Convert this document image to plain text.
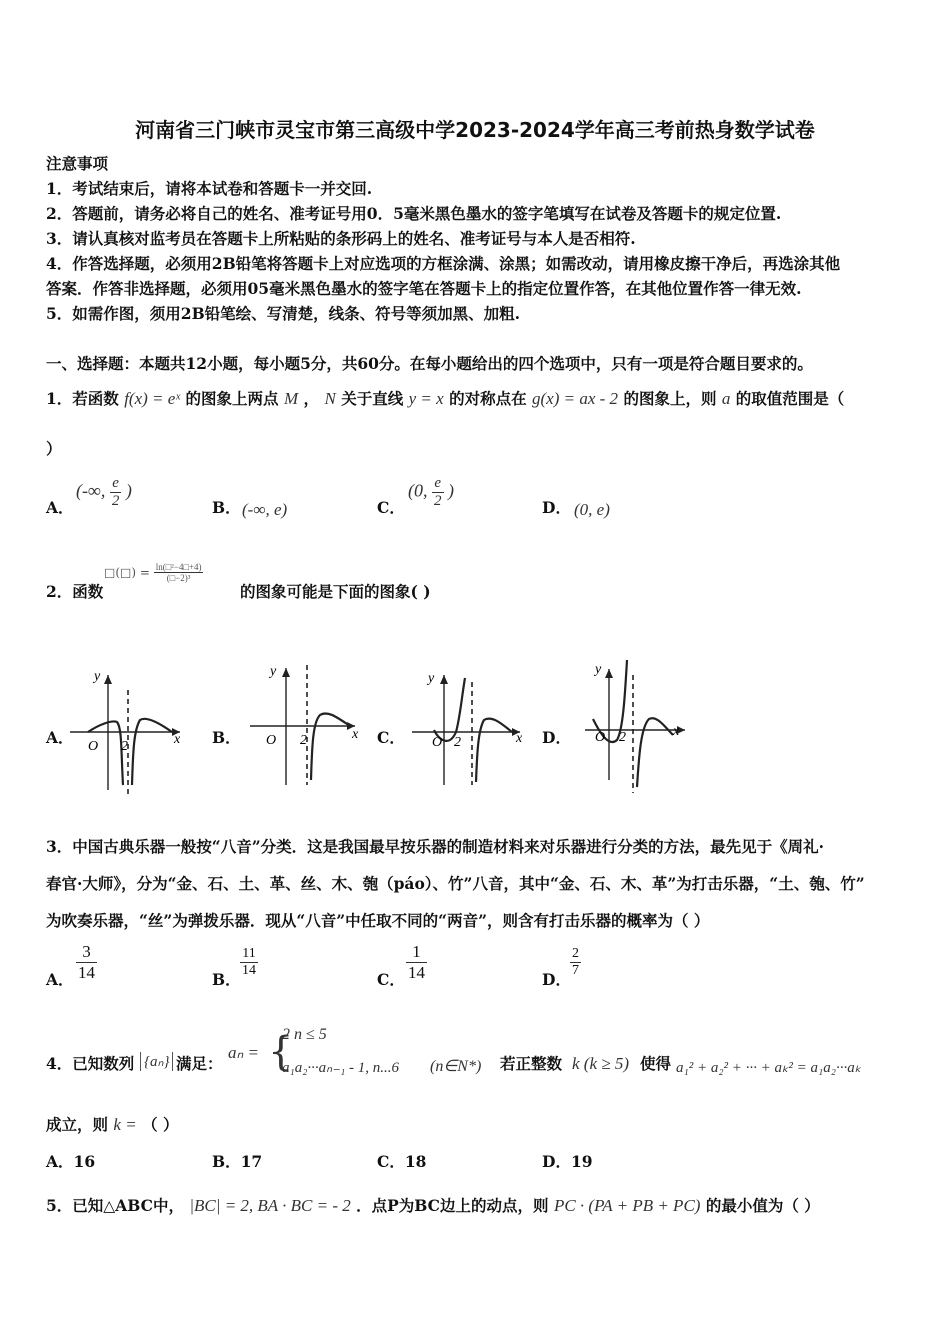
河南省三门峡市灵宝市第三高级中学2023-2024学年高三考前热身数学试卷
注意事项
1．考试结束后，请将本试卷和答题卡一并交回.
2．答题前，请务必将自己的姓名、准考证号用0．5毫米黑色墨水的签字笔填写在试卷及答题卡的规定位置.
3．请认真核对监考员在答题卡上所粘贴的条形码上的姓名、准考证号与本人是否相符.
4．作答选择题，必须用2B铅笔将答题卡上对应选项的方框涂满、涂黑；如需改动，请用橡皮擦干净后，再选涂其他
答案．作答非选择题，必须用05毫米黑色墨水的签字笔在答题卡上的指定位置作答，在其他位置作答一律无效.
5．如需作图，须用2B铅笔绘、写清楚，线条、符号等须加黑、加粗.
一、选择题：本题共12小题，每小题5分，共60分。在每小题给出的四个选项中，只有一项是符合题目要求的。
1．若函数 f(x) = eˣ 的图象上两点 M ， N 关于直线 y = x 的对称点在 g(x) = ax - 2 的图象上，则 a 的取值范围是（
）
A．
(-∞, $\frac{e}{2}$ )
B． (-∞, e)	C．
(0, $\frac{e}{2}$ )
D． (0, e)
2．函数
□(□) = $\frac{\text{ln(□²−4□+4)}}{\text{(□−2)³}}$
的图象可能是下面的图象( )
A．	B．	C．	D．
y
x
O 2
y
x
O 2
y
x
O 2
y
x
O 2
3．中国古典乐器一般按“八音”分类．这是我国最早按乐器的制造材料来对乐器进行分类的方法，最先见于《周礼·
春官·大师》，分为“金、石、土、革、丝、木、匏（páo）、竹”八音，其中“金、石、木、革”为打击乐器，“土、匏、竹”
为吹奏乐器，“丝”为弹拨乐器．现从“八音”中任取不同的“两音”，则含有打击乐器的概率为（ ）
A． $\frac{3}{14}$	B．
$\frac{11}{14}$
C． $\frac{1}{14}$	D．
$\frac{2}{7}$
4．已知数列 {aₙ} 满足：
aₙ = {
2 n ≤ 5
a₁a₂···aₙ₋₁ - 1, n...6 (n∈N*) 若正整数 k (k ≥ 5) 使得 a₁² + a₂² + ··· + aₖ² = a₁a₂···aₖ
成立，则 k = （ ）
A．16	B．17	C．18	D．19
5．已知△ABC中， |BC| = 2, BA · BC = - 2 ．点P为BC边上的动点，则 PC · (PA + PB + PC) 的最小值为（ ）
